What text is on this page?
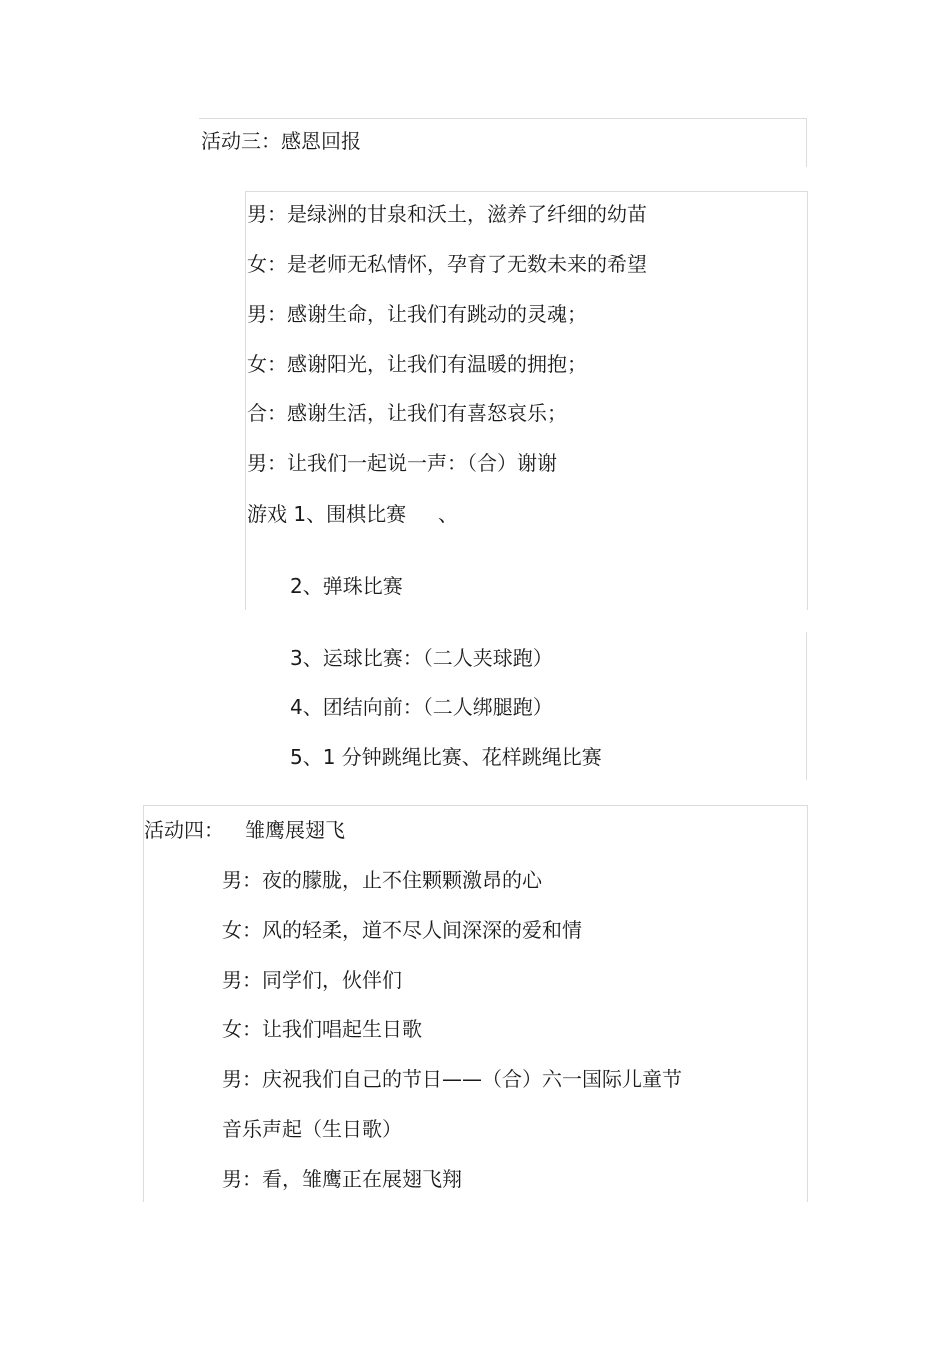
活动三：感恩回报
男：是绿洲的甘泉和沃土，滋养了纤细的幼苗
女：是老师无私情怀，孕育了无数未来的希望
男：感谢生命，让我们有跳动的灵魂；
女：感谢阳光，让我们有温暖的拥抱；
合：感谢生活，让我们有喜怒哀乐；
男：让我们一起说一声：（合）谢谢
游戏 1、围棋比赛 、
2、弹珠比赛
3、运球比赛：（二人夹球跑）
4、团结向前：（二人绑腿跑）
5、1 分钟跳绳比赛、花样跳绳比赛
活动四： 雏鹰展翅飞
男：夜的朦胧，止不住颗颗激昂的心
女：风的轻柔，道不尽人间深深的爱和情
男：同学们，伙伴们
女：让我们唱起生日歌
男：庆祝我们自己的节日——（合）六一国际儿童节
音乐声起（生日歌）
男：看，雏鹰正在展翅飞翔
